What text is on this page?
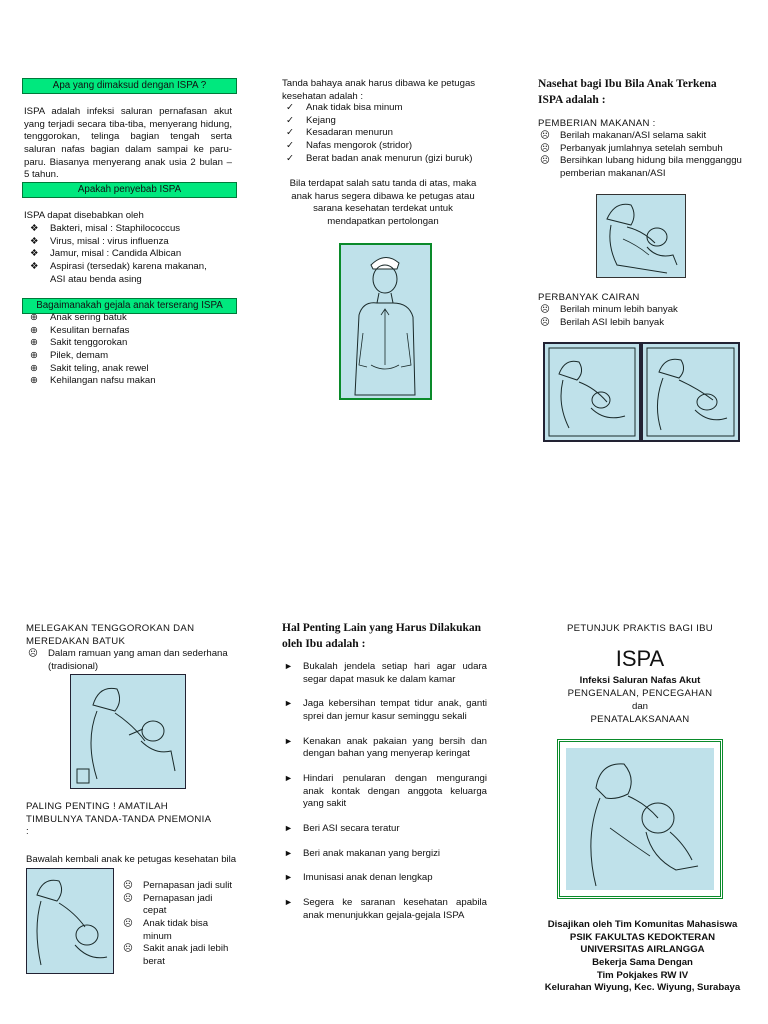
Apa yang dimaksud dengan ISPA ?
ISPA adalah infeksi saluran pernafasan akut yang terjadi secara tiba-tiba, menyerang hidung, tenggorokan, telinga bagian tengah serta saluran nafas bagian dalam sampai ke paru-paru. Biasanya menyerang anak usia 2 bulan – 5 tahun.
Apakah penyebab ISPA
ISPA dapat disebabkan oleh
❖ Bakteri, misal : Staphilococcus
❖ Virus, misal : virus influenza
❖ Jamur, misal : Candida Albican
❖ Aspirasi (tersedak) karena makanan, ASI atau benda asing
Bagaimanakah gejala anak terserang ISPA
⊕ Anak sering batuk
⊕ Kesulitan bernafas
⊕ Sakit tenggorokan
⊕ Pilek, demam
⊕ Sakit teling, anak rewel
⊕ Kehilangan nafsu makan
Tanda bahaya anak harus dibawa ke petugas kesehatan adalah :
✓ Anak tidak bisa minum
✓ Kejang
✓ Kesadaran menurun
✓ Nafas mengorok (stridor)
✓ Berat badan anak menurun (gizi buruk)
Bila terdapat salah satu tanda di atas, maka anak harus segera dibawa ke petugas atau sarana kesehatan terdekat untuk mendapatkan pertolongan
Nasehat bagi Ibu Bila Anak Terkena ISPA adalah :
PEMBERIAN MAKANAN :
☹ Berilah makanan/ASI selama sakit
☹ Perbanyak jumlahnya setelah sembuh
☹ Bersihkan lubang hidung bila mengganggu pemberian makanan/ASI
PERBANYAK CAIRAN
☹ Berilah minum lebih banyak
☹ Berilah ASI lebih banyak
MELEGAKAN TENGGOROKAN DAN MEREDAKAN BATUK
☹ Dalam ramuan yang aman dan sederhana (tradisional)
PALING PENTING ! AMATILAH TIMBULNYA TANDA-TANDA PNEMONIA :
Bawalah kembali anak ke petugas kesehatan bila
☹ Pernapasan jadi sulit
☹ Pernapasan jadi cepat
☹ Anak tidak bisa minum
☹ Sakit anak jadi lebih berat
Hal Penting Lain yang Harus Dilakukan oleh Ibu adalah :
► Bukalah jendela setiap hari agar udara segar dapat masuk ke dalam kamar
► Jaga kebersihan tempat tidur anak, ganti sprei dan jemur kasur seminggu sekali
► Kenakan anak pakaian yang bersih dan dengan bahan yang menyerap keringat
► Hindari penularan dengan mengurangi anak kontak dengan anggota keluarga yang sakit
► Beri ASI secara teratur
► Beri anak makanan yang bergizi
► Imunisasi anak denan lengkap
► Segera ke saranan kesehatan apabila anak menunjukkan gejala-gejala ISPA
PETUNJUK PRAKTIS BAGI IBU
ISPA
Infeksi Saluran Nafas Akut
PENGENALAN, PENCEGAHAN
dan
PENATALAKSANAAN
Disajikan oleh Tim Komunitas Mahasiswa
PSIK FAKULTAS KEDOKTERAN
UNIVERSITAS AIRLANGGA
Bekerja Sama Dengan
Tim Pokjakes RW IV
Kelurahan Wiyung, Kec. Wiyung, Surabaya
